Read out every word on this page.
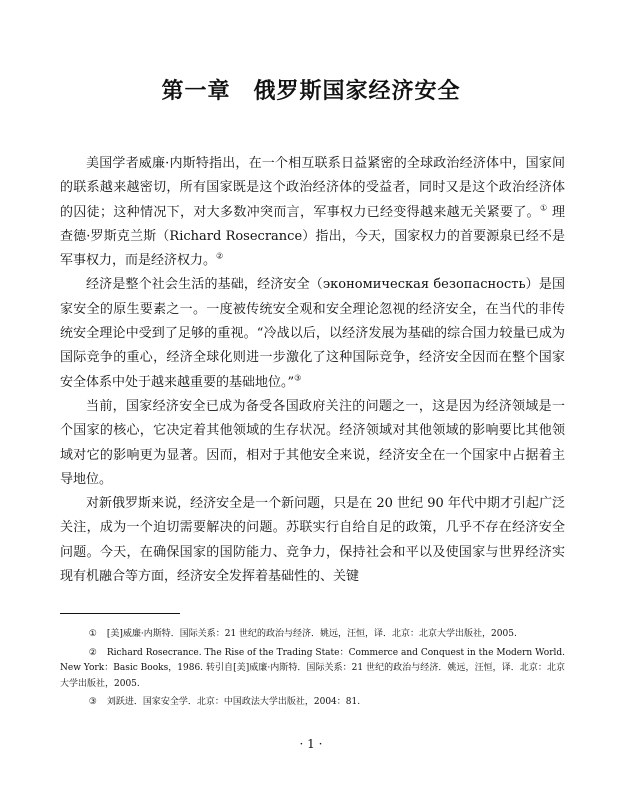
第一章　俄罗斯国家经济安全

美国学者威廉·内斯特指出，在一个相互联系日益紧密的全球政治经济体中，国家间的联系越来越密切，所有国家既是这个政治经济体的受益者，同时又是这个政治经济体的囚徒；这种情况下，对大多数冲突而言，军事权力已经变得越来越无关紧要了。① 理查德·罗斯克兰斯（Richard Rosecrance）指出，今天，国家权力的首要源泉已经不是军事权力，而是经济权力。②

经济是整个社会生活的基础，经济安全（экономическая безопасность）是国家安全的原生要素之一。一度被传统安全观和安全理论忽视的经济安全，在当代的非传统安全理论中受到了足够的重视。“冷战以后，以经济发展为基础的综合国力较量已成为国际竞争的重心，经济全球化则进一步激化了这种国际竞争，经济安全因而在整个国家安全体系中处于越来越重要的基础地位。”③

当前，国家经济安全已成为备受各国政府关注的问题之一，这是因为经济领域是一个国家的核心，它决定着其他领域的生存状况。经济领域对其他领域的影响要比其他领域对它的影响更为显著。因而，相对于其他安全来说，经济安全在一个国家中占据着主导地位。

对新俄罗斯来说，经济安全是一个新问题，只是在 20 世纪 90 年代中期才引起广泛关注，成为一个迫切需要解决的问题。苏联实行自给自足的政策，几乎不存在经济安全问题。今天，在确保国家的国防能力、竞争力，保持社会和平以及使国家与世界经济实现有机融合等方面，经济安全发挥着基础性的、关键

① [美]威廉·内斯特．国际关系：21 世纪的政治与经济．姚远，汪恒，译．北京：北京大学出版社，2005.
② Richard Rosecrance. The Rise of the Trading State：Commerce and Conquest in the Modern World. New York：Basic Books，1986. 转引自[美]威廉·内斯特．国际关系：21 世纪的政治与经济．姚远，汪恒，译．北京：北京大学出版社，2005.
③ 刘跃进．国家安全学．北京：中国政法大学出版社，2004：81.
· 1 ·
